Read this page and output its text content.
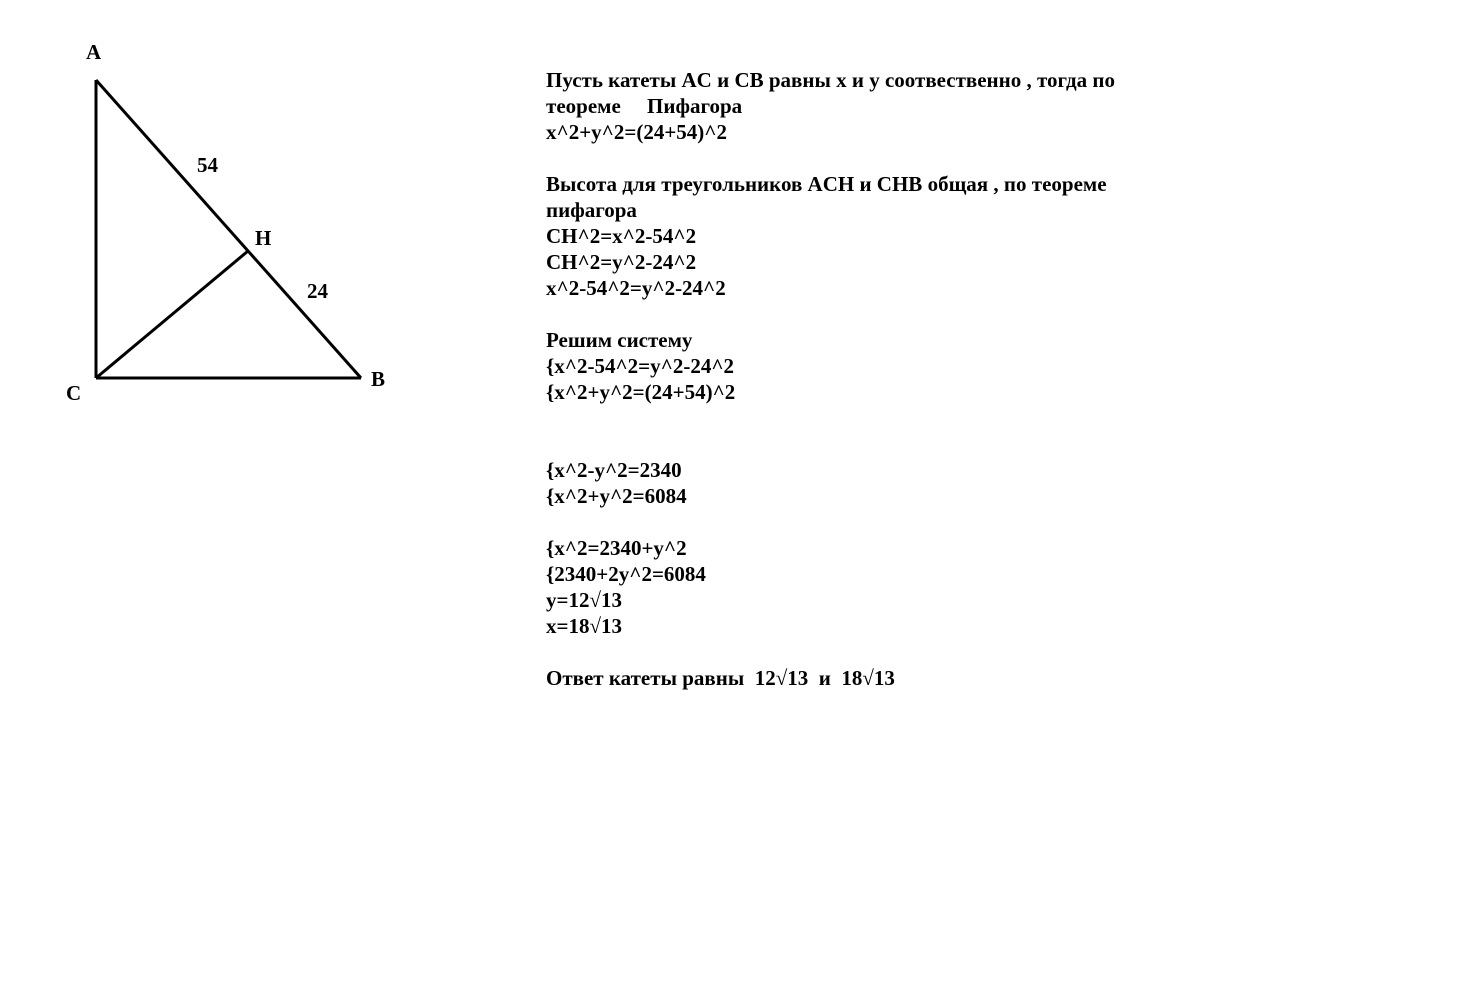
A
H
C
B
54
24
Пусть катеты AC и CB равны x и y соотвественно , тогда по
теореме     Пифагора
x^2+y^2=(24+54)^2
Высота для треугольников ACH и CHB общая , по теореме
пифагора
CH^2=x^2-54^2
CH^2=y^2-24^2
x^2-54^2=y^2-24^2
Решим систему
{x^2-54^2=y^2-24^2
{x^2+y^2=(24+54)^2
{x^2-y^2=2340
{x^2+y^2=6084
{x^2=2340+y^2
{2340+2y^2=6084
y=12√13
x=18√13
Ответ катеты равны  12√13  и  18√13
